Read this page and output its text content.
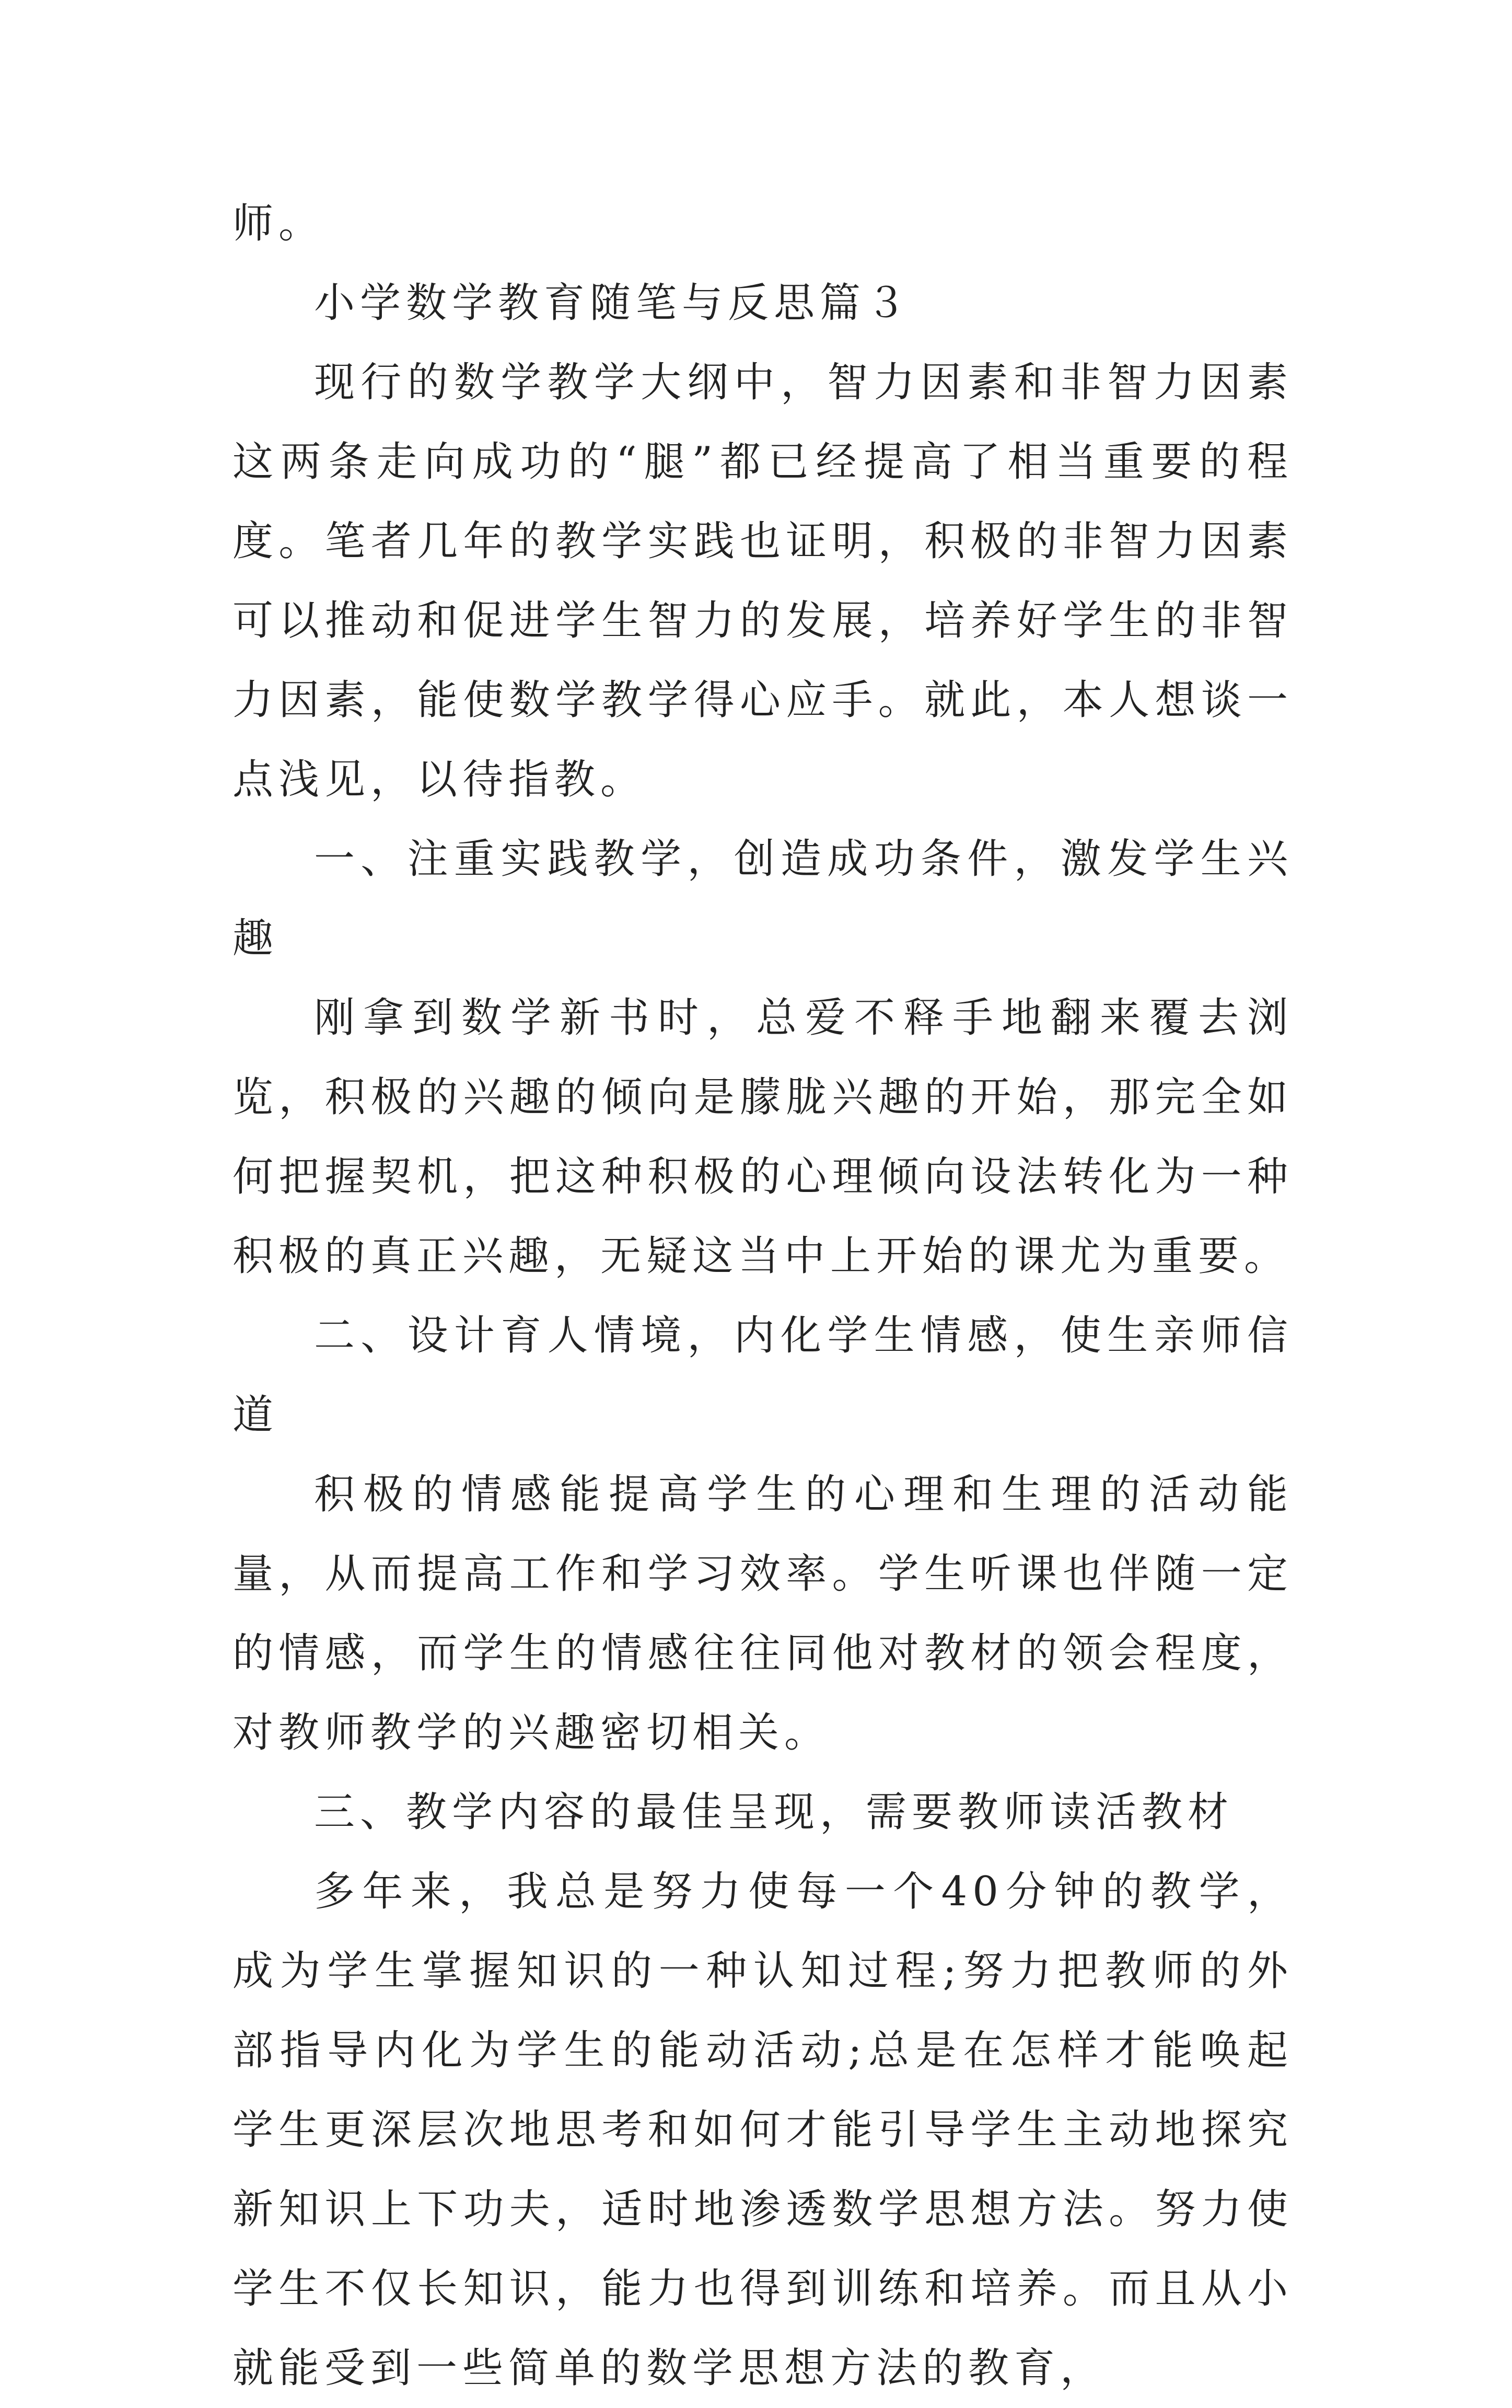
师。

小学数学教育随笔与反思篇３

现行的数学教学大纲中，智力因素和非智力因素这两条走向成功的“腿”都已经提高了相当重要的程度。笔者几年的教学实践也证明，积极的非智力因素可以推动和促进学生智力的发展，培养好学生的非智力因素，能使数学教学得心应手。就此，本人想谈一点浅见，以待指教。

一、注重实践教学，创造成功条件，激发学生兴趣

刚拿到数学新书时，总爱不释手地翻来覆去浏览，积极的兴趣的倾向是朦胧兴趣的开始，那完全如何把握契机，把这种积极的心理倾向设法转化为一种积极的真正兴趣，无疑这当中上开始的课尤为重要。

二、设计育人情境，内化学生情感，使生亲师信道

积极的情感能提高学生的心理和生理的活动能量，从而提高工作和学习效率。学生听课也伴随一定的情感，而学生的情感往往同他对教材的领会程度，对教师教学的兴趣密切相关。

三、教学内容的最佳呈现，需要教师读活教材

多年来，我总是努力使每一个40分钟的教学，成为学生掌握知识的一种认知过程;努力把教师的外部指导内化为学生的能动活动;总是在怎样才能唤起学生更深层次地思考和如何才能引导学生主动地探究新知识上下功夫，适时地渗透数学思想方法。努力使学生不仅长知识，能力也得到训练和培养。而且从小就能受到一些简单的数学思想方法的教育，
